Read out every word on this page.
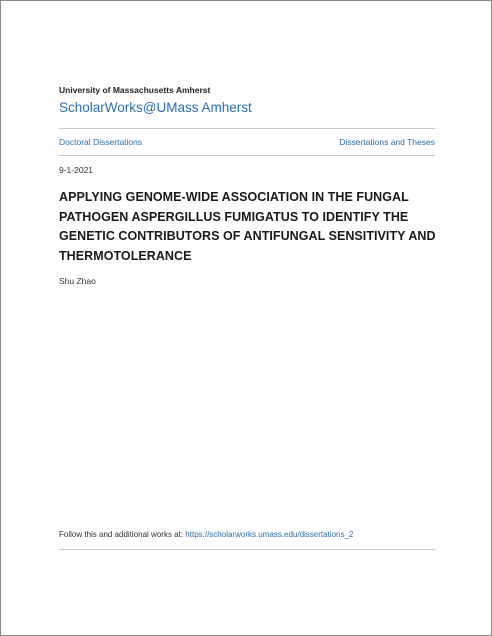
University of Massachusetts Amherst
ScholarWorks@UMass Amherst
Doctoral Dissertations	Dissertations and Theses
9-1-2021
APPLYING GENOME-WIDE ASSOCIATION IN THE FUNGAL PATHOGEN ASPERGILLUS FUMIGATUS TO IDENTIFY THE GENETIC CONTRIBUTORS OF ANTIFUNGAL SENSITIVITY AND THERMOTOLERANCE
Shu Zhao
Follow this and additional works at: https://scholarworks.umass.edu/dissertations_2
